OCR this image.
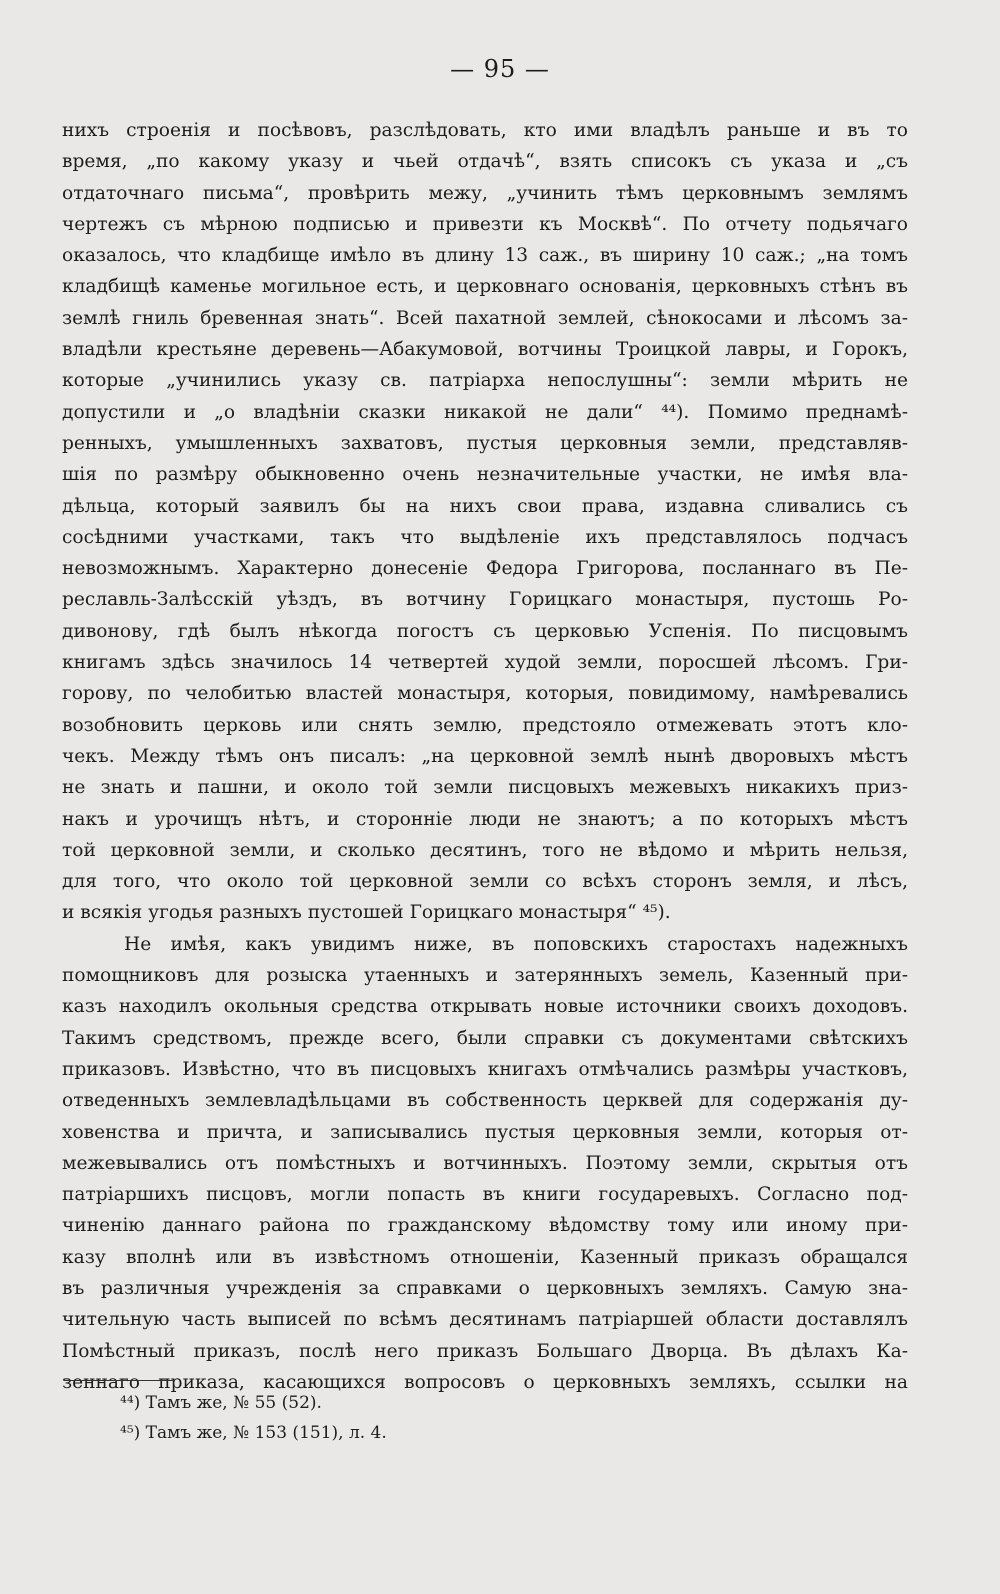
— 95 —
нихъ строенія и посѣвовъ, разслѣдовать, кто ими владѣлъ раньше и въ то
время, „по какому указу и чьей отдачѣ“, взять списокъ съ указа и „съ
отдаточнаго письма“, провѣрить межу, „учинить тѣмъ церковнымъ землямъ
чертежъ съ мѣрною подписью и привезти къ Москвѣ“. По отчету подьячаго
оказалось, что кладбище имѣло въ длину 13 саж., въ ширину 10 саж.; „на томъ
кладбищѣ каменье могильное есть, и церковнаго основанія, церковныхъ стѣнъ въ
землѣ гниль бревенная знать“. Всей пахатной землей, сѣнокосами и лѣсомъ за-
владѣли крестьяне деревень—Абакумовой, вотчины Троицкой лавры, и Горокъ,
которые „учинились указу св. патріарха непослушны“: земли мѣрить не
допустили и „о владѣніи сказки никакой не дали“ ⁴⁴). Помимо преднамѣ-
ренныхъ, умышленныхъ захватовъ, пустыя церковныя земли, представляв-
шія по размѣру обыкновенно очень незначительные участки, не имѣя вла-
дѣльца, который заявилъ бы на нихъ свои права, издавна сливались съ
сосѣдними участками, такъ что выдѣленіе ихъ представлялось подчасъ
невозможнымъ. Характерно донесеніе Федора Григорова, посланнаго въ Пе-
реславль-Залѣсскій уѣздъ, въ вотчину Горицкаго монастыря, пустошь Ро-
дивонову, гдѣ былъ нѣкогда погостъ съ церковью Успенія. По писцовымъ
книгамъ здѣсь значилось 14 четвертей худой земли, поросшей лѣсомъ. Гри-
горову, по челобитью властей монастыря, которыя, повидимому, намѣревались
возобновить церковь или снять землю, предстояло отмежевать этотъ кло-
чекъ. Между тѣмъ онъ писалъ: „на церковной землѣ нынѣ дворовыхъ мѣстъ
не знать и пашни, и около той земли писцовыхъ межевыхъ никакихъ приз-
накъ и урочищъ нѣтъ, и сторонніе люди не знаютъ; а по которыхъ мѣстъ
той церковной земли, и сколько десятинъ, того не вѣдомо и мѣрить нельзя,
для того, что около той церковной земли со всѣхъ сторонъ земля, и лѣсъ,
и всякія угодья разныхъ пустошей Горицкаго монастыря“ ⁴⁵).
Не имѣя, какъ увидимъ ниже, въ поповскихъ старостахъ надежныхъ
помощниковъ для розыска утаенныхъ и затерянныхъ земель, Казенный при-
казъ находилъ окольныя средства открывать новые источники своихъ доходовъ.
Такимъ средствомъ, прежде всего, были справки съ документами свѣтскихъ
приказовъ. Извѣстно, что въ писцовыхъ книгахъ отмѣчались размѣры участковъ,
отведенныхъ землевладѣльцами въ собственность церквей для содержанія ду-
ховенства и причта, и записывались пустыя церковныя земли, которыя от-
межевывались отъ помѣстныхъ и вотчинныхъ. Поэтому земли, скрытыя отъ
патріаршихъ писцовъ, могли попасть въ книги государевыхъ. Согласно под-
чиненію даннаго района по гражданскому вѣдомству тому или иному при-
казу вполнѣ или въ извѣстномъ отношеніи, Казенный приказъ обращался
въ различныя учрежденія за справками о церковныхъ земляхъ. Самую зна-
чительную часть выписей по всѣмъ десятинамъ патріаршей области доставлялъ
Помѣстный приказъ, послѣ него приказъ Большаго Дворца. Въ дѣлахъ Ка-
зеннаго приказа, касающихся вопросовъ о церковныхъ земляхъ, ссылки на
⁴⁴) Тамъ же, № 55 (52).
⁴⁵) Тамъ же, № 153 (151), л. 4.
